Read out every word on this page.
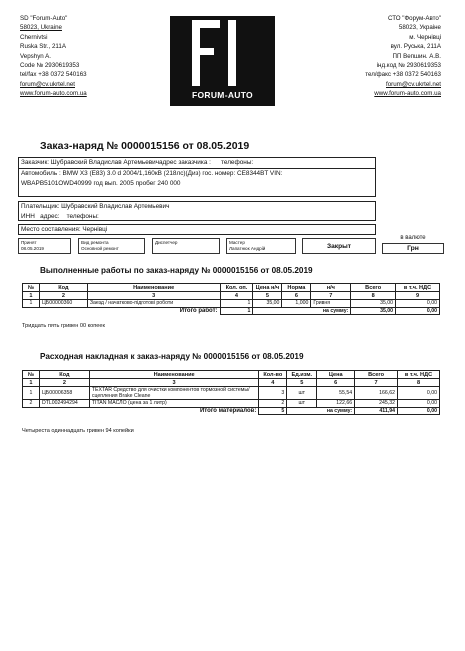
SD "Forum-Auto"
58023, Ukraine
Chernivtsi
Ruska Str., 211A
Vepshyn A.
Code № 2930619353
tel/fax +38 0372 540163
forum@cv.ukrtel.net
www.forum-auto.com.ua	FORUM-AUTO
СТО "Форум-Авто"
58023, Украіне
м. Чернівці
вул. Руська, 211А
ПП Вепшин. А.В.
інд.код № 2930619353
тел/факс +38 0372 540163
forum@cv.ukrtel.net
www.forum-auto.com.ua
Заказ-наряд № 0000015156 от 08.05.2019
Заказчик: Шубравский Владислав Артемьевич адрес заказчика : телефоны:
Автомобиль : BMW X3 (E83) 3.0 d 2004/1,160кВ (218лс)(Диз) гос. номер: CE8344BT VIN:
WBAPB5101OWD40999 год вып. 2005 пробег 240 000
Плательщик: Шубравский Владислав Артемьевич
ИНН адрес: телефоны:
Место составления: Чернівці
Принят
08.05.2019
Вид ремонта
Основной ремонт
Диспетчер	Мастер
Лапатнюк Андрій	Закрыт
в валюте
Грн
Выполненные работы по заказ-наряду № 0000015156 от 08.05.2019
№	Код	Наименование	Кол. оп.	Цена н/ч	Норма	н/ч	Всего	в т.ч. НДС
1	2	3	4	5	6	7	8	9
1	ЦБ00000360	Заезд / начатково-підготові роботи	1	35,00	1,000	Гривня	35,00	0,00
Итого работ:			1	на сумму:			35,00	0,00
Тридцать пять гривен 00 копеек
Расходная накладная к заказ-наряду № 0000015156 от 08.05.2019
№	Код	Наименование	Кол-во	Ед.изм.	Цена	Всего	в т.ч. НДС
1	2	3	4	5	6	7	8
1	ЦБ00006358	TEXTAR Средство для очистки компонентов тормозной системы/сцепления Brake Cleane	3	шт	55,54	166,62	0,00
2	DTL002494294	TITAN МАСЛО (цена за 1 литр)	2	шт	122,66	245,32	0,00
Итого материалов:			5	на сумму:		411,94	0,00
Четыреста одиннадцать гривен 94 копейки
